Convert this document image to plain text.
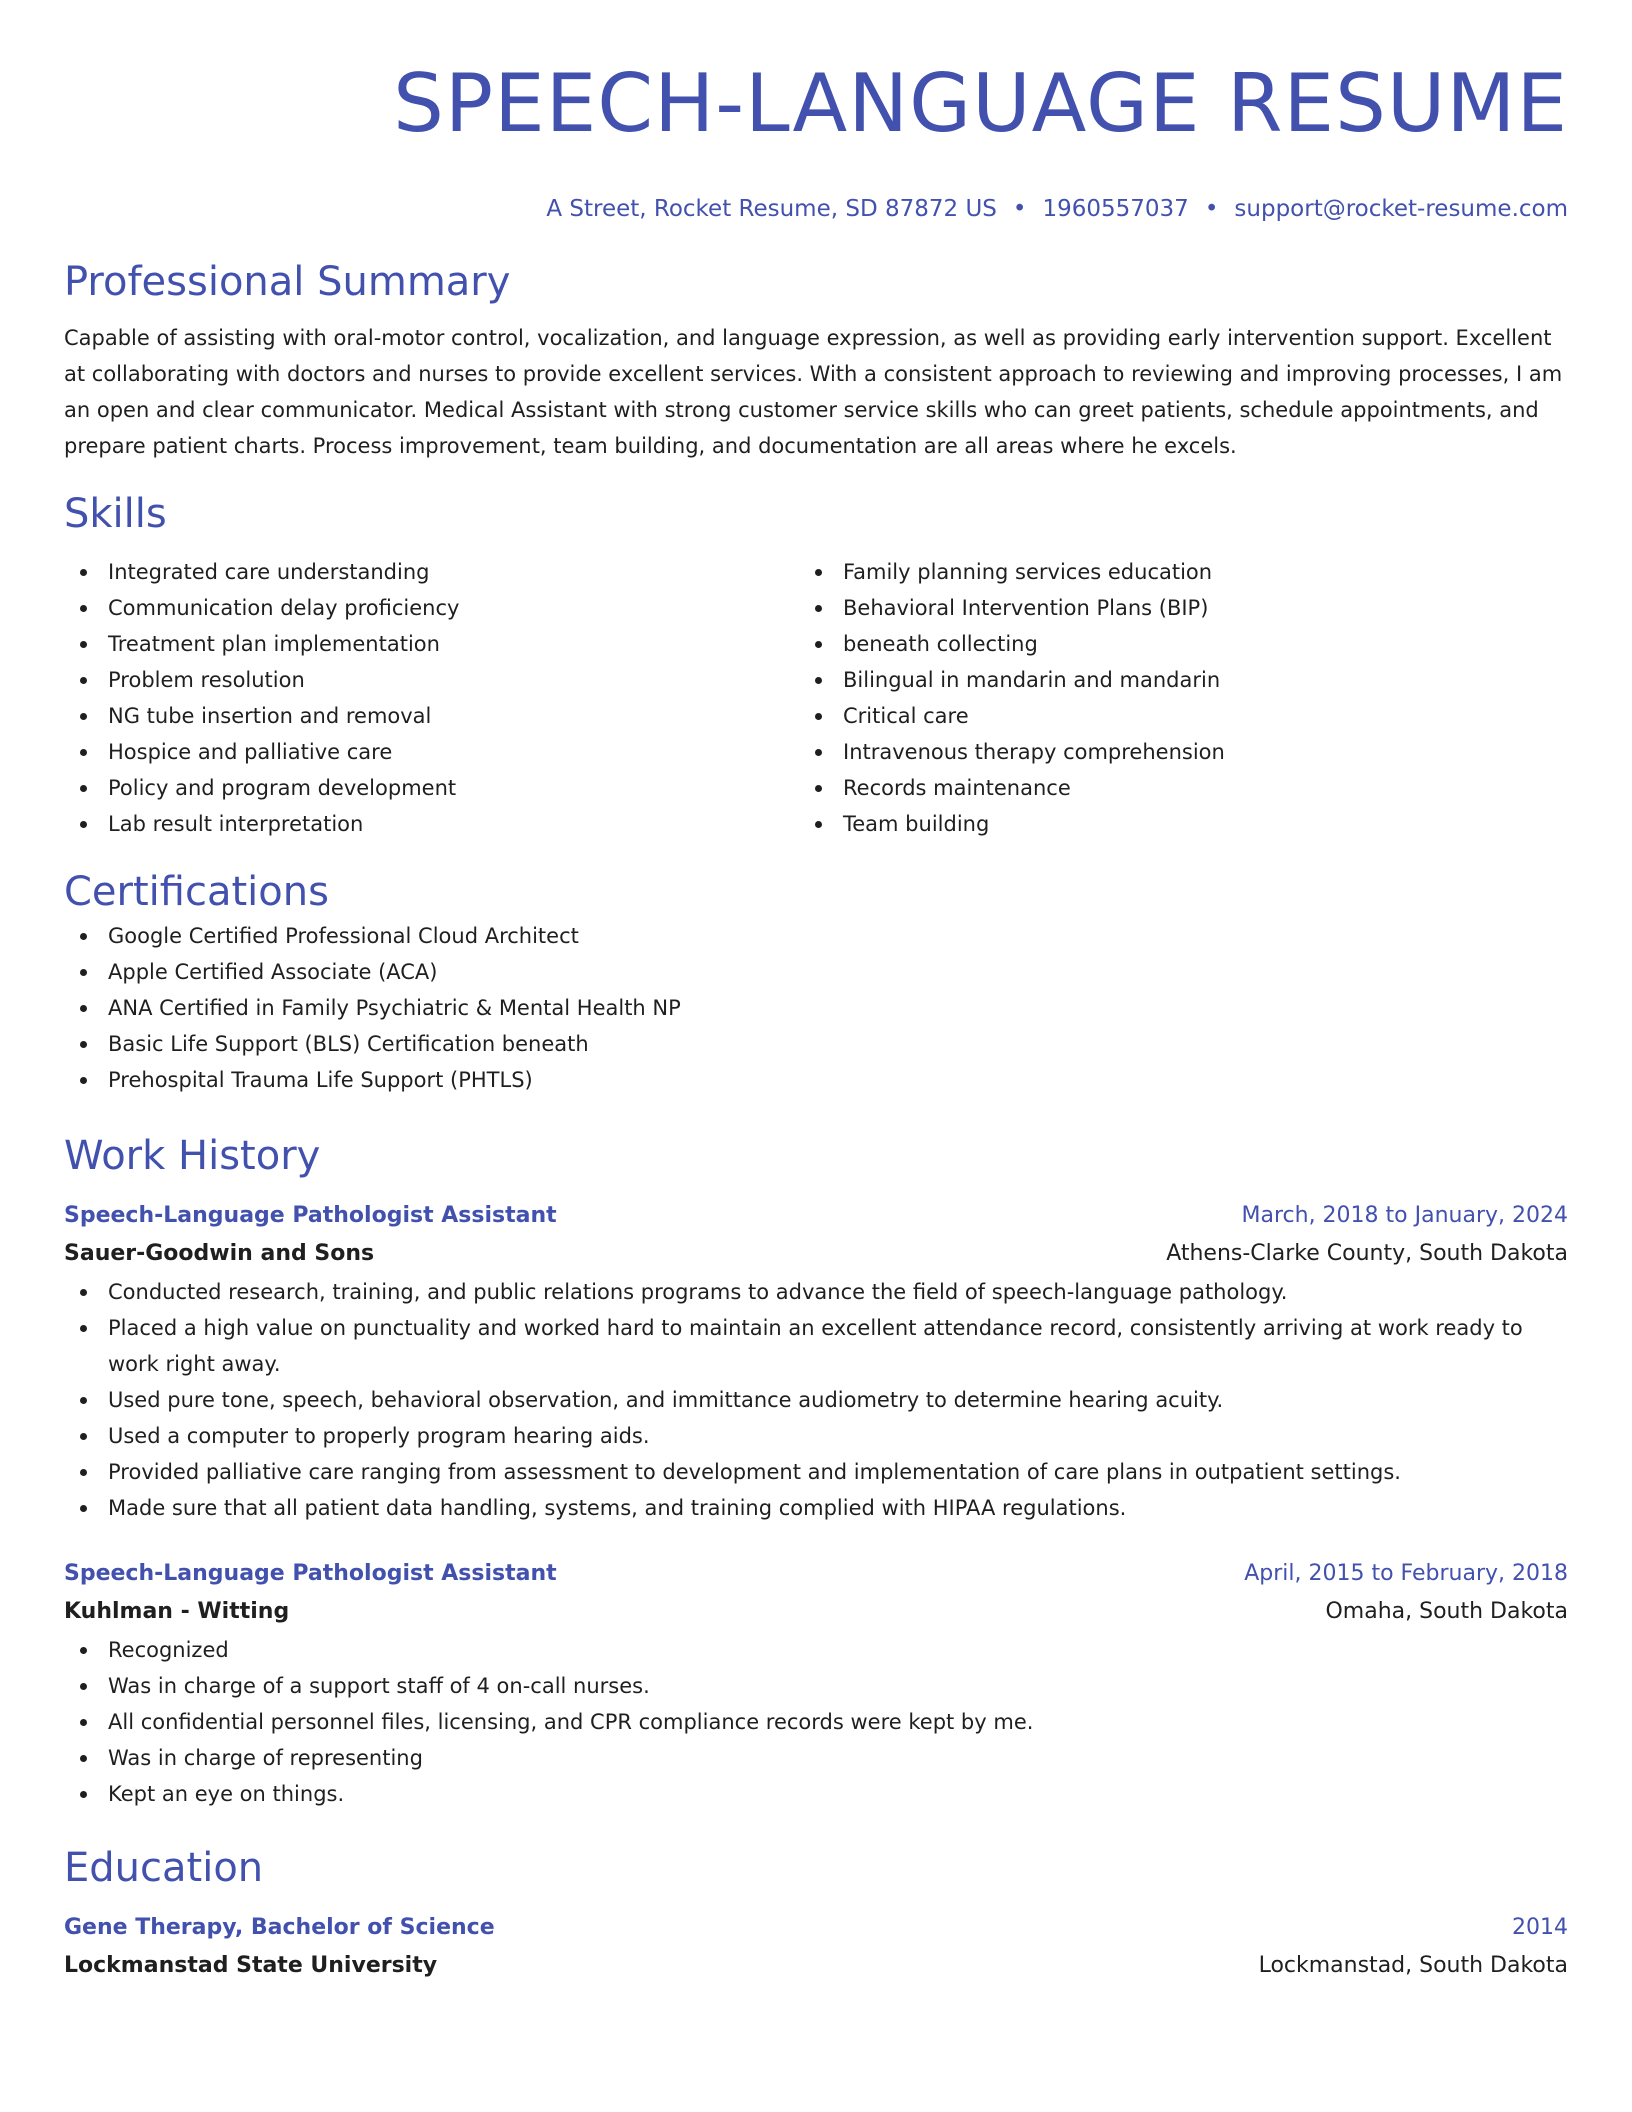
SPEECH-LANGUAGE RESUME
A Street, Rocket Resume, SD 87872 US • 1960557037 • support@rocket-resume.com
Professional Summary
Capable of assisting with oral-motor control, vocalization, and language expression, as well as providing early intervention support. Excellent at collaborating with doctors and nurses to provide excellent services. With a consistent approach to reviewing and improving processes, I am an open and clear communicator. Medical Assistant with strong customer service skills who can greet patients, schedule appointments, and prepare patient charts. Process improvement, team building, and documentation are all areas where he excels.
Skills
Integrated care understanding
Communication delay proficiency
Treatment plan implementation
Problem resolution
NG tube insertion and removal
Hospice and palliative care
Policy and program development
Lab result interpretation
Family planning services education
Behavioral Intervention Plans (BIP)
beneath collecting
Bilingual in mandarin and mandarin
Critical care
Intravenous therapy comprehension
Records maintenance
Team building
Certifications
Google Certified Professional Cloud Architect
Apple Certified Associate (ACA)
ANA Certified in Family Psychiatric & Mental Health NP
Basic Life Support (BLS) Certification beneath
Prehospital Trauma Life Support (PHTLS)
Work History
Speech-Language Pathologist Assistant	March, 2018 to January, 2024
Sauer-Goodwin and Sons	Athens-Clarke County, South Dakota
Conducted research, training, and public relations programs to advance the field of speech-language pathology.
Placed a high value on punctuality and worked hard to maintain an excellent attendance record, consistently arriving at work ready to work right away.
Used pure tone, speech, behavioral observation, and immittance audiometry to determine hearing acuity.
Used a computer to properly program hearing aids.
Provided palliative care ranging from assessment to development and implementation of care plans in outpatient settings.
Made sure that all patient data handling, systems, and training complied with HIPAA regulations.
Speech-Language Pathologist Assistant	April, 2015 to February, 2018
Kuhlman - Witting	Omaha, South Dakota
Recognized
Was in charge of a support staff of 4 on-call nurses.
All confidential personnel files, licensing, and CPR compliance records were kept by me.
Was in charge of representing
Kept an eye on things.
Education
Gene Therapy, Bachelor of Science	2014
Lockmanstad State University	Lockmanstad, South Dakota
